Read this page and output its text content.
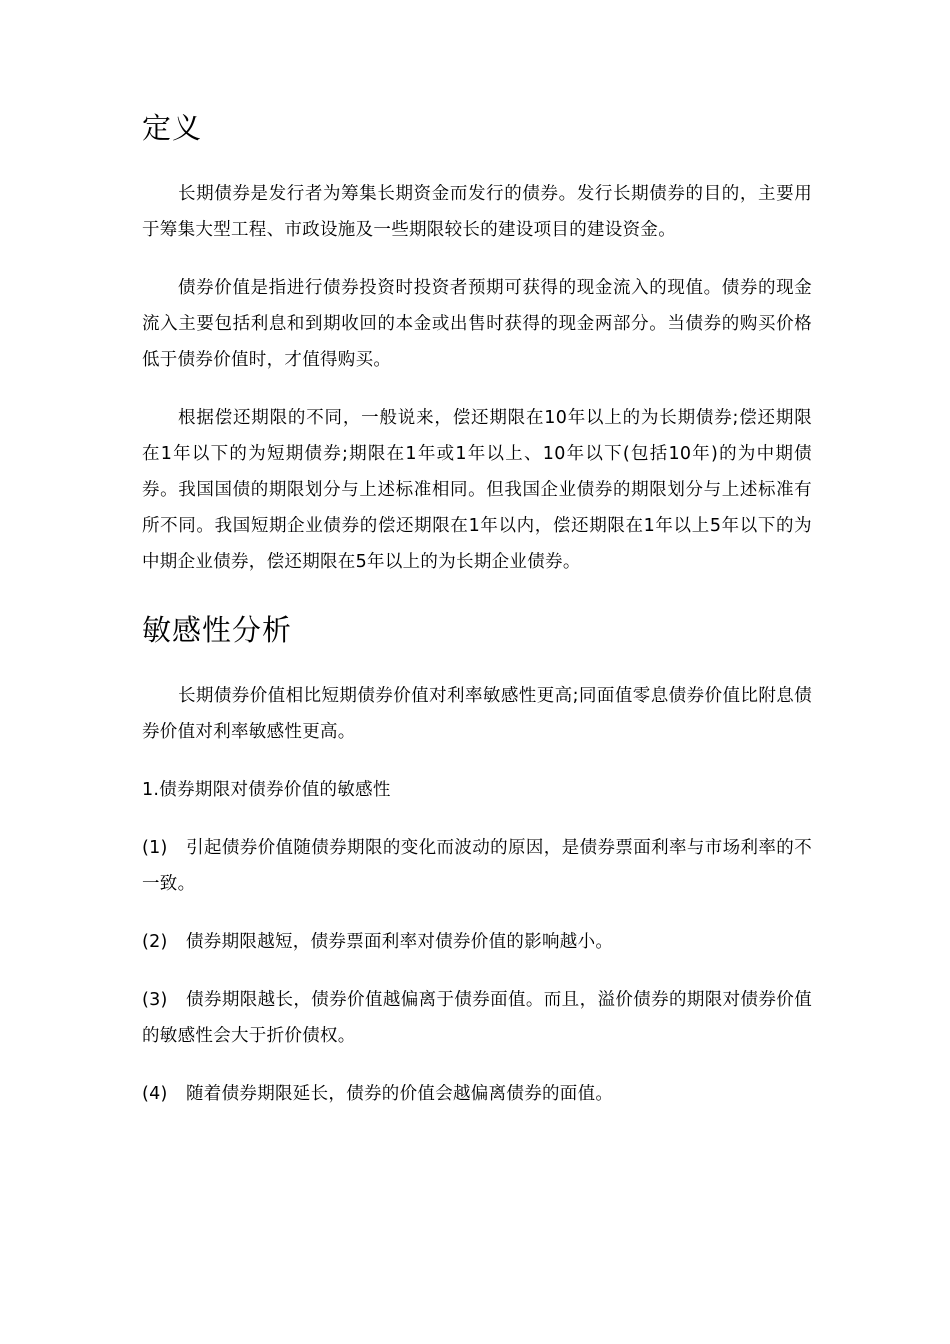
定义

长期债券是发行者为筹集长期资金而发行的债券。发行长期债券的目的，主要用于筹集大型工程、市政设施及一些期限较长的建设项目的建设资金。

债券价值是指进行债券投资时投资者预期可获得的现金流入的现值。债券的现金流入主要包括利息和到期收回的本金或出售时获得的现金两部分。当债券的购买价格低于债券价值时，才值得购买。

根据偿还期限的不同，一般说来，偿还期限在10年以上的为长期债券;偿还期限在1年以下的为短期债券;期限在1年或1年以上、10年以下(包括10年)的为中期债券。我国国债的期限划分与上述标准相同。但我国企业债券的期限划分与上述标准有所不同。我国短期企业债券的偿还期限在1年以内，偿还期限在1年以上5年以下的为中期企业债券，偿还期限在5年以上的为长期企业债券。

敏感性分析

长期债券价值相比短期债券价值对利率敏感性更高;同面值零息债券价值比附息债券价值对利率敏感性更高。

1.债券期限对债券价值的敏感性

(1) 引起债券价值随债券期限的变化而波动的原因，是债券票面利率与市场利率的不一致。

(2) 债券期限越短，债券票面利率对债券价值的影响越小。

(3) 债券期限越长，债券价值越偏离于债券面值。而且，溢价债券的期限对债券价值的敏感性会大于折价债权。

(4) 随着债券期限延长，债券的价值会越偏离债券的面值。
